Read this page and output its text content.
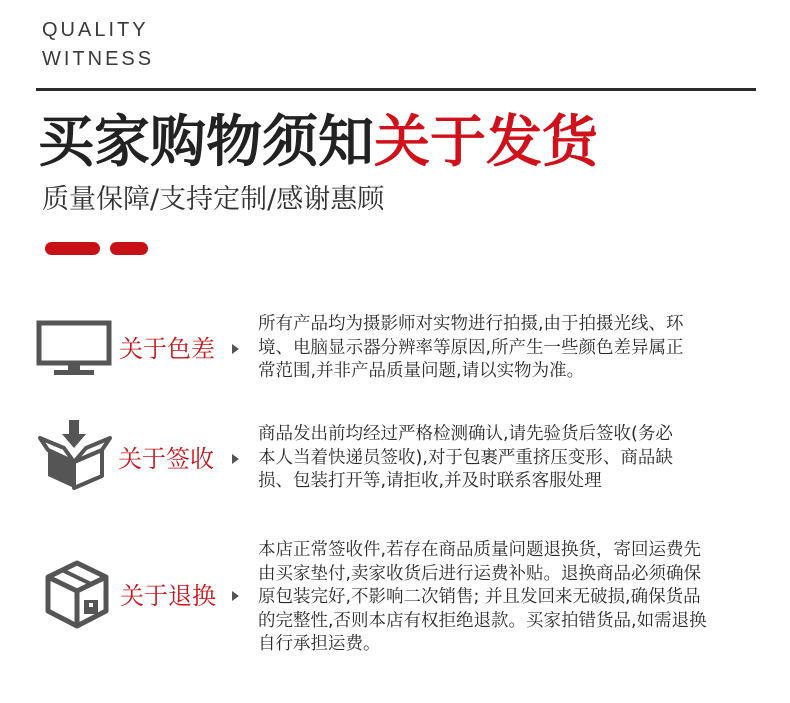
QUALITY
WITNESS
买家购物须知关于发货
质量保障/支持定制/感谢惠顾
关于色差
所有产品均为摄影师对实物进行拍摄,由于拍摄光线、环
境、电脑显示器分辨率等原因,所产生一些颜色差异属正
常范围,并非产品质量问题,请以实物为准。
关于签收
商品发出前均经过严格检测确认,请先验货后签收(务必
本人当着快递员签收),对于包裹严重挤压变形、商品缺
损、包装打开等,请拒收,并及时联系客服处理
关于退换
本店正常签收件,若存在商品质量问题退换货，寄回运费先
由买家垫付,卖家收货后进行运费补贴。退换商品必须确保
原包装完好,不影响二次销售; 并且发回来无破损,确保货品
的完整性,否则本店有权拒绝退款。买家拍错货品,如需退换
自行承担运费。
